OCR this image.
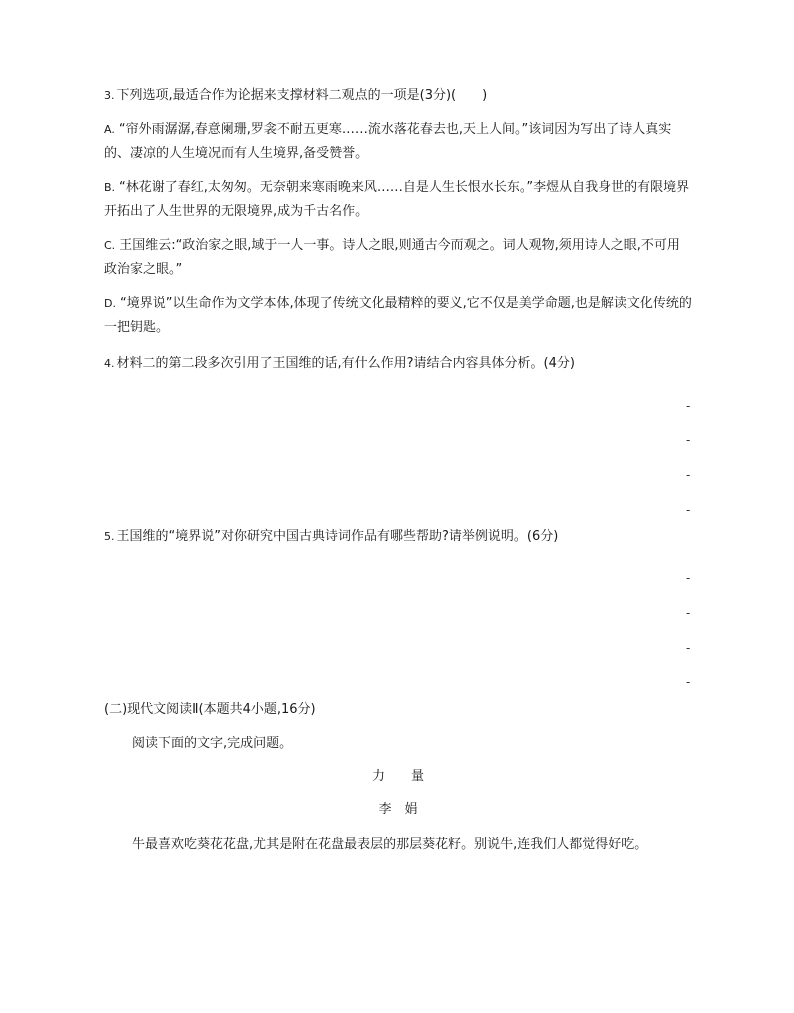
3. 下列选项,最适合作为论据来支撑材料二观点的一项是(3分)(　　)
A. “帘外雨潺潺,春意阑珊,罗衾不耐五更寒……流水落花春去也,天上人间。”该词因为写出了诗人真实的、凄凉的人生境况而有人生境界,备受赞誉。
B. “林花谢了春红,太匆匆。无奈朝来寒雨晚来风……自是人生长恨水长东。”李煜从自我身世的有限境界开拓出了人生世界的无限境界,成为千古名作。
C. 王国维云:“政治家之眼,域于一人一事。诗人之眼,则通古今而观之。词人观物,须用诗人之眼,不可用政治家之眼。”
D. “境界说”以生命作为文学本体,体现了传统文化最精粹的要义,它不仅是美学命题,也是解读文化传统的一把钥匙。
4. 材料二的第二段多次引用了王国维的话,有什么作用?请结合内容具体分析。(4分)
-
-
-
-
5. 王国维的“境界说”对你研究中国古典诗词作品有哪些帮助?请举例说明。(6分)
-
-
-
-
(二)现代文阅读Ⅱ(本题共4小题,16分)
阅读下面的文字,完成问题。
力　　量
李　娟
牛最喜欢吃葵花花盘,尤其是附在花盘最表层的那层葵花籽。别说牛,连我们人都觉得好吃。
